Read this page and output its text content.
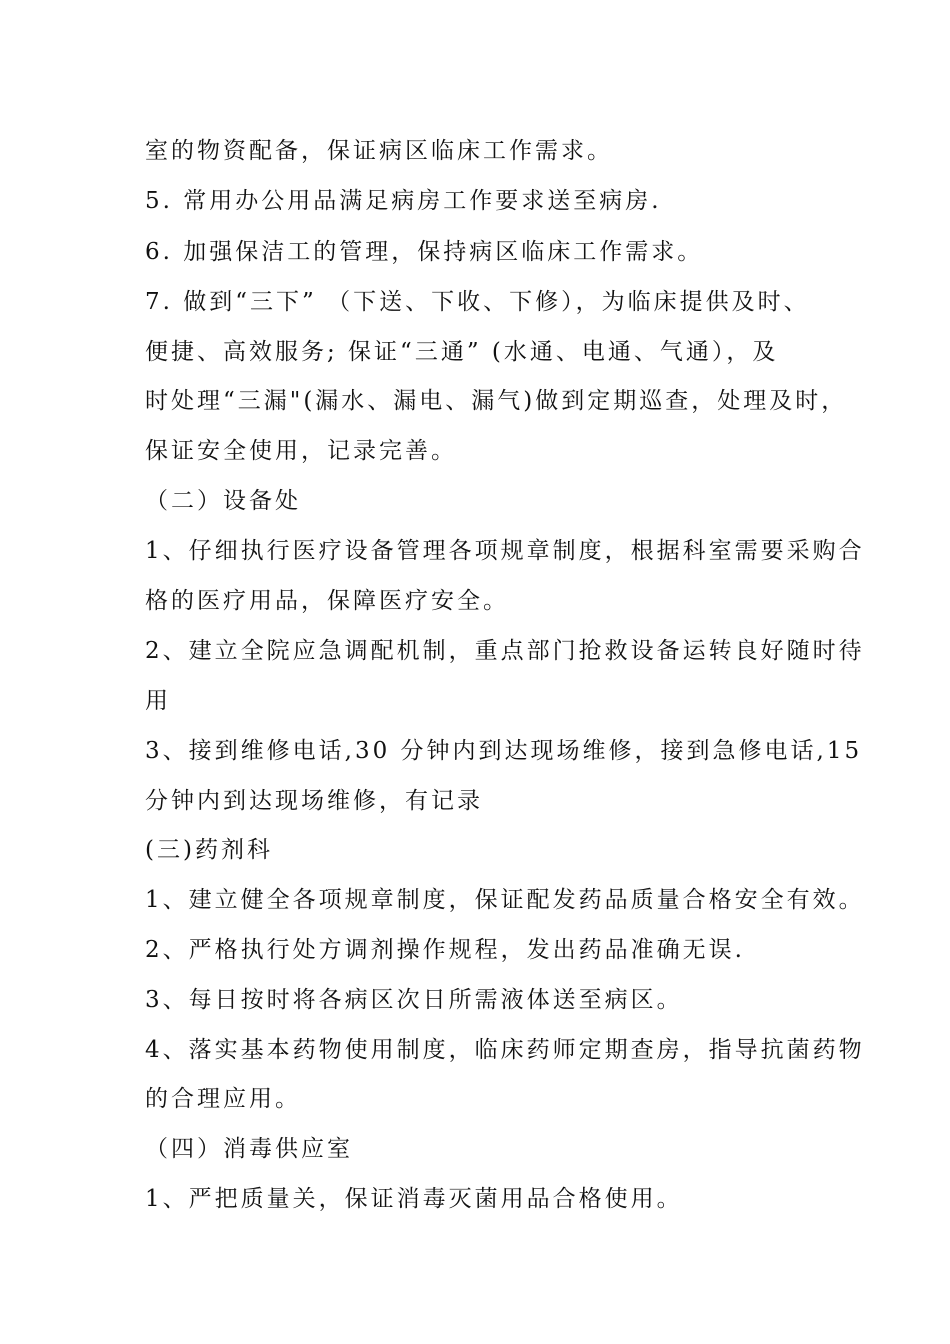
室的物资配备，保证病区临床工作需求。
5. 常用办公用品满足病房工作要求送至病房.
6. 加强保洁工的管理，保持病区临床工作需求。
7. 做到“三下” （下送、下收、下修），为临床提供及时、
便捷、高效服务; 保证“三通” (水通、电通、气通），及
时处理“三漏"(漏水、漏电、漏气)做到定期巡查，处理及时，
保证安全使用，记录完善。
（二）设备处
1、仔细执行医疗设备管理各项规章制度，根据科室需要采购合
格的医疗用品，保障医疗安全。
2、建立全院应急调配机制，重点部门抢救设备运转良好随时待
用
3、接到维修电话,30 分钟内到达现场维修，接到急修电话,15
分钟内到达现场维修，有记录
(三)药剂科
1、建立健全各项规章制度，保证配发药品质量合格安全有效。
2、严格执行处方调剂操作规程，发出药品准确无误.
3、每日按时将各病区次日所需液体送至病区。
4、落实基本药物使用制度，临床药师定期查房，指导抗菌药物
的合理应用。
（四）消毒供应室
1、严把质量关，保证消毒灭菌用品合格使用。
